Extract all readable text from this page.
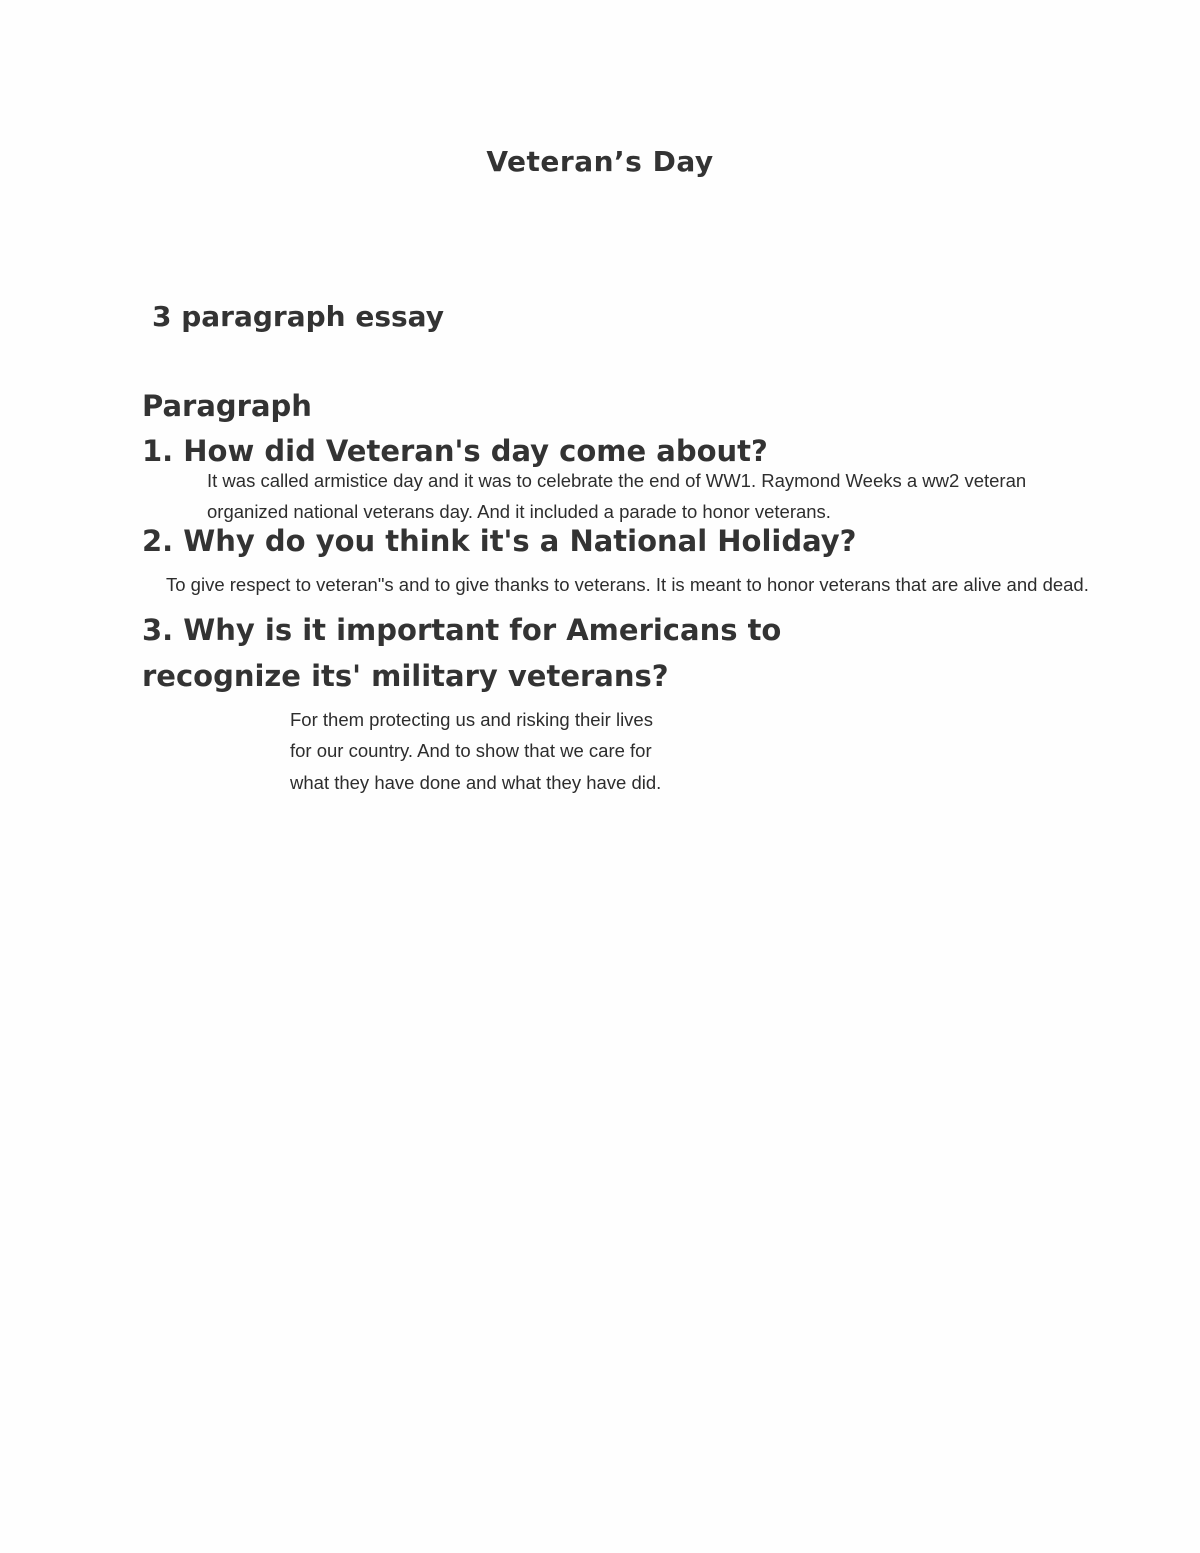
Veteran’s Day
3 paragraph essay
Paragraph
1. How did Veteran's day come about?

It was called armistice day and it was to celebrate the end of WW1. Raymond Weeks a ww2 veteran

organized national veterans day. And it included a parade to honor veterans.

2. Why do you think it's a National Holiday?

To give respect to veteran"s and to give thanks to veterans. It is meant to honor veterans that are alive and dead.

3. Why is it important for Americans to
recognize its' military veterans?

For them protecting us and risking their lives

for our country. And to show that we care for

what they have done and what they have did.
